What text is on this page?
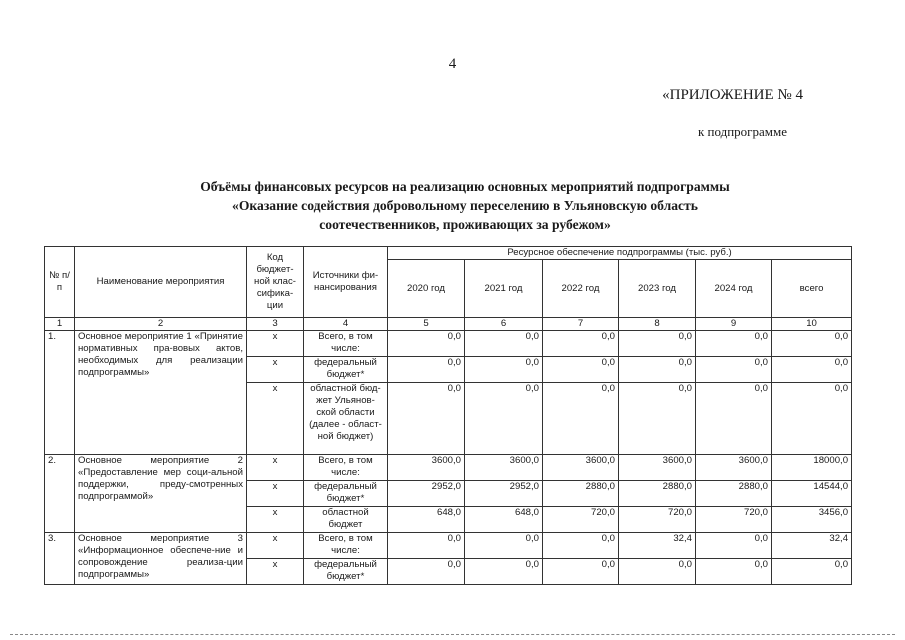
4
«ПРИЛОЖЕНИЕ № 4
к подпрограмме
Объёмы финансовых ресурсов на реализацию основных мероприятий подпрограммы
«Оказание содействия добровольному переселению в Ульяновскую область
соотечественников, проживающих за рубежом»
№ п/п	Наименование мероприятия	Код бюджет-ной клас-сифика-ции	Источники фи-нансирования	Ресурсное обеспечение подпрограммы (тыс. руб.)					
				2020 год	2021 год	2022 год	2023 год	2024 год	всего
1	2	3	4	5	6	7	8	9	10
1.	Основное мероприятие 1 «Принятие нормативных пра-вовых актов, необходимых для реализации подпрограммы»	x	Всего, в том числе:	0,0	0,0	0,0	0,0	0,0	0,0
		x	федеральный бюджет*	0,0	0,0	0,0	0,0	0,0	0,0
		x	областной бюд-жет Ульянов-ской области (далее - област-ной бюджет)	0,0	0,0	0,0	0,0	0,0	0,0
2.	Основное мероприятие 2 «Предоставление мер соци-альной поддержки, преду-смотренных подпрограммой»	x	Всего, в том числе:	3600,0	3600,0	3600,0	3600,0	3600,0	18000,0
		x	федеральный бюджет*	2952,0	2952,0	2880,0	2880,0	2880,0	14544,0
		x	областной бюджет	648,0	648,0	720,0	720,0	720,0	3456,0
3.	Основное мероприятие 3 «Информационное обеспече-ние и сопровождение реализа-ции подпрограммы»	x	Всего, в том числе:	0,0	0,0	0,0	32,4	0,0	32,4
		x	федеральный бюджет*	0,0	0,0	0,0	0,0	0,0	0,0
